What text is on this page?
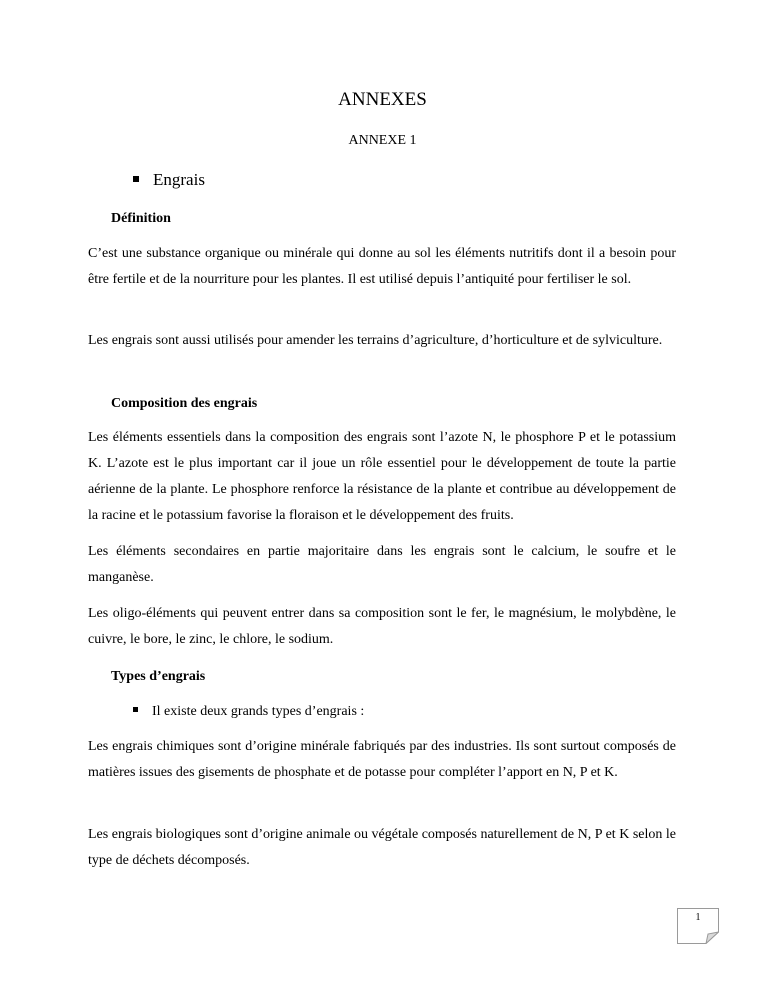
ANNEXES
ANNEXE 1
Engrais
Définition

C’est une substance organique ou minérale qui donne au sol les éléments nutritifs dont il a besoin pour être fertile et de la nourriture pour les plantes. Il est utilisé depuis l’antiquité pour fertiliser le sol.

Les engrais sont aussi utilisés pour amender les terrains d’agriculture, d’horticulture et de sylviculture.

Composition des engrais

Les éléments essentiels dans la composition des engrais sont l’azote N, le phosphore P et le potassium K. L’azote est le plus important car il joue un rôle essentiel pour le développement de toute la partie aérienne de la plante. Le phosphore renforce la résistance de la plante et contribue au développement de la racine et le potassium favorise la floraison et le développement des fruits.

Les éléments secondaires en partie majoritaire dans les engrais sont le calcium, le soufre et le manganèse.

Les oligo-éléments qui peuvent entrer dans sa composition sont le fer, le magnésium, le molybdène, le cuivre, le bore, le zinc, le chlore, le sodium.

Types d’engrais
Il existe deux grands types d’engrais :

Les engrais chimiques sont d’origine minérale fabriqués par des industries. Ils sont surtout composés de matières issues des gisements de phosphate et de potasse pour compléter l’apport en N, P et K.

Les engrais biologiques sont d’origine animale ou végétale composés naturellement de N, P et K selon le type de déchets décomposés.

1
